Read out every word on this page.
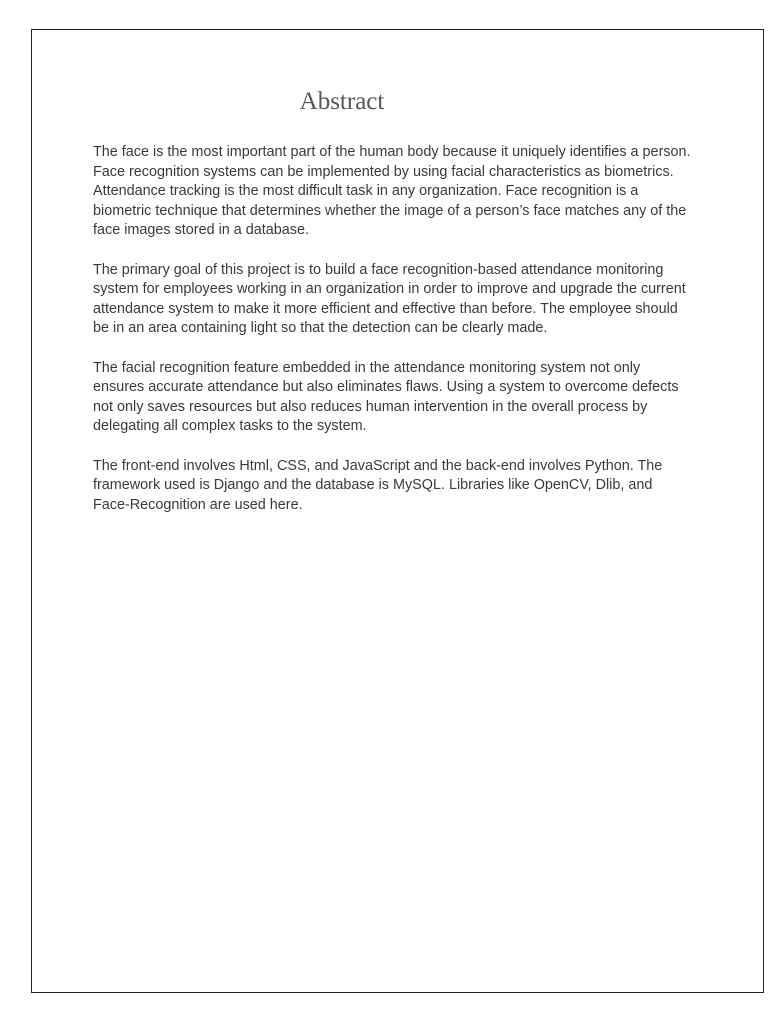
Abstract

The face is the most important part of the human body because it uniquely identifies a person. Face recognition systems can be implemented by using facial characteristics as biometrics. Attendance tracking is the most difficult task in any organization. Face recognition is a biometric technique that determines whether the image of a person’s face matches any of the face images stored in a database.

The primary goal of this project is to build a face recognition-based attendance monitoring system for employees working in an organization in order to improve and upgrade the current attendance system to make it more efficient and effective than before. The employee should be in an area containing light so that the detection can be clearly made.

The facial recognition feature embedded in the attendance monitoring system not only ensures accurate attendance but also eliminates flaws. Using a system to overcome defects not only saves resources but also reduces human intervention in the overall process by delegating all complex tasks to the system.

The front-end involves Html, CSS, and JavaScript and the back-end involves Python. The framework used is Django and the database is MySQL. Libraries like OpenCV, Dlib, and Face-Recognition are used here.
